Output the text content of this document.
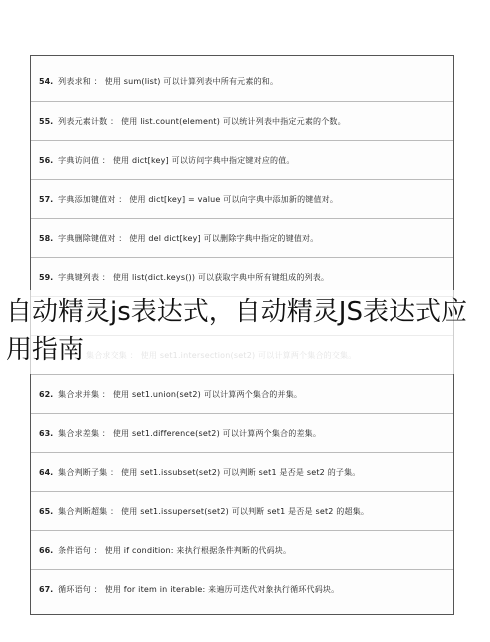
54. 列表求和 ： 使用 sum(list) 可以计算列表中所有元素的和。
55. 列表元素计数 ： 使用 list.count(element) 可以统计列表中指定元素的个数。
56. 字典访问值 ： 使用 dict[key] 可以访问字典中指定键对应的值。
57. 字典添加键值对 ： 使用 dict[key] = value 可以向字典中添加新的键值对。
58. 字典删除键值对 ： 使用 del dict[key] 可以删除字典中指定的键值对。
59. 字典键列表 ： 使用 list(dict.keys()) 可以获取字典中所有键组成的列表。
62. 集合求并集 ： 使用 set1.union(set2) 可以计算两个集合的并集。
63. 集合求差集 ： 使用 set1.difference(set2) 可以计算两个集合的差集。
64. 集合判断子集 ： 使用 set1.issubset(set2) 可以判断 set1 是否是 set2 的子集。
65. 集合判断超集 ： 使用 set1.issuperset(set2) 可以判断 set1 是否是 set2 的超集。
66. 条件语句 ： 使用 if condition: 来执行根据条件判断的代码块。
67. 循环语句 ： 使用 for item in iterable: 来遍历可迭代对象执行循环代码块。
自动精灵js表达式，自动精灵JS表达式应用指南
